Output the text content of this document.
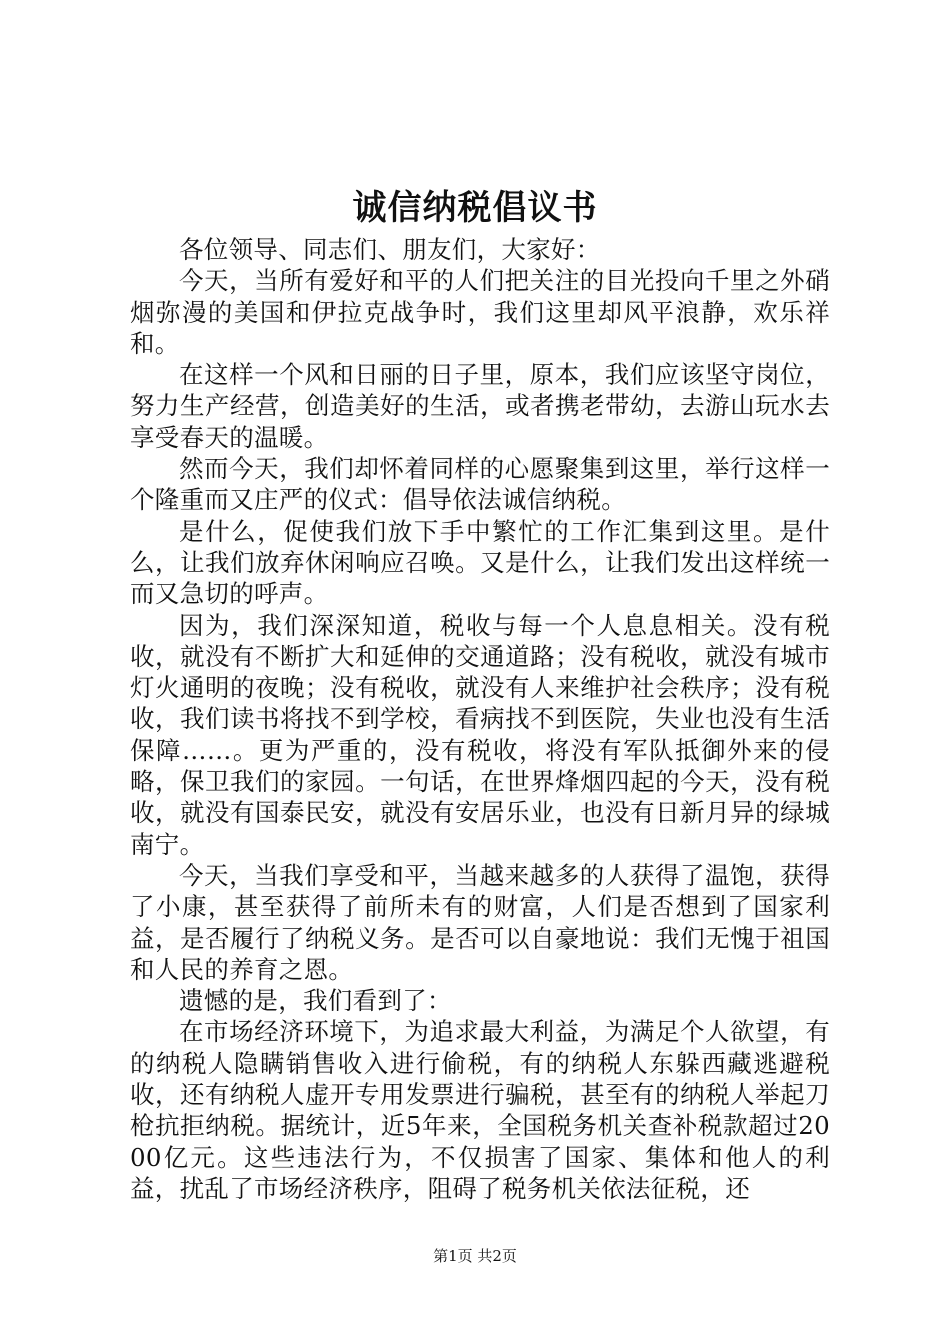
诚信纳税倡议书

各位领导、同志们、朋友们，大家好：

今天，当所有爱好和平的人们把关注的目光投向千里之外硝烟弥漫的美国和伊拉克战争时，我们这里却风平浪静，欢乐祥和。

在这样一个风和日丽的日子里，原本，我们应该坚守岗位，努力生产经营，创造美好的生活，或者携老带幼，去游山玩水去享受春天的温暖。

然而今天，我们却怀着同样的心愿聚集到这里，举行这样一个隆重而又庄严的仪式：倡导依法诚信纳税。

是什么，促使我们放下手中繁忙的工作汇集到这里。是什么，让我们放弃休闲响应召唤。又是什么，让我们发出这样统一而又急切的呼声。

因为，我们深深知道，税收与每一个人息息相关。没有税收，就没有不断扩大和延伸的交通道路；没有税收，就没有城市灯火通明的夜晚；没有税收，就没有人来维护社会秩序；没有税收，我们读书将找不到学校，看病找不到医院，失业也没有生活保障……。更为严重的，没有税收，将没有军队抵御外来的侵略，保卫我们的家园。一句话，在世界烽烟四起的今天，没有税收，就没有国泰民安，就没有安居乐业，也没有日新月异的绿城南宁。

今天，当我们享受和平，当越来越多的人获得了温饱，获得了小康，甚至获得了前所未有的财富，人们是否想到了国家利益，是否履行了纳税义务。是否可以自豪地说：我们无愧于祖国和人民的养育之恩。

遗憾的是，我们看到了：

在市场经济环境下，为追求最大利益，为满足个人欲望，有的纳税人隐瞒销售收入进行偷税，有的纳税人东躲西藏逃避税收，还有纳税人虚开专用发票进行骗税，甚至有的纳税人举起刀枪抗拒纳税。据统计，近5年来，全国税务机关查补税款超过2000亿元。这些违法行为，不仅损害了国家、集体和他人的利益，扰乱了市场经济秩序，阻碍了税务机关依法征税，还

第1页 共2页
